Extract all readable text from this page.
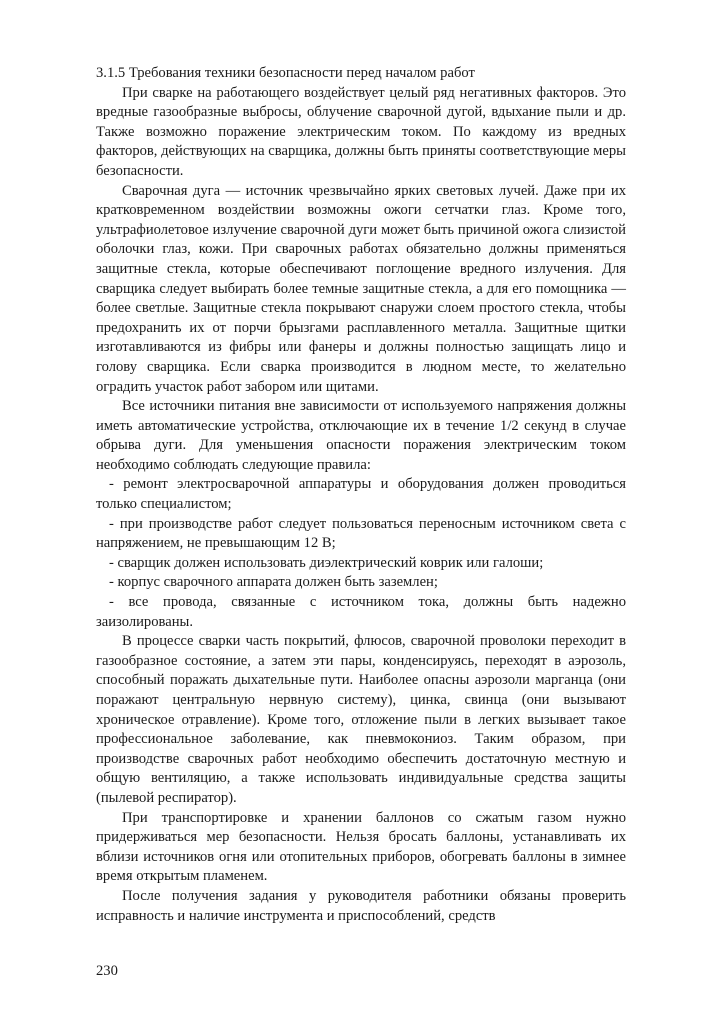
3.1.5 Требования техники безопасности перед началом работ

При сварке на работающего воздействует целый ряд негативных факторов. Это вредные газообразные выбросы, облучение сварочной дугой, вдыхание пыли и др. Также возможно поражение электрическим током. По каждому из вредных факторов, действующих на сварщика, должны быть приняты соответствующие меры безопасности.

Сварочная дуга — источник чрезвычайно ярких световых лучей. Даже при их кратковременном воздействии возможны ожоги сетчатки глаз. Кроме того, ультрафиолетовое излучение сварочной дуги может быть причиной ожога слизистой оболочки глаз, кожи. При сварочных работах обязательно должны применяться защитные стекла, которые обеспечивают поглощение вредного излучения. Для сварщика следует выбирать более темные защитные стекла, а для его помощника — более светлые. Защитные стекла покрывают снаружи слоем простого стекла, чтобы предохранить их от порчи брызгами расплавленного металла. Защитные щитки изготавливаются из фибры или фанеры и должны полностью защищать лицо и голову сварщика. Если сварка производится в людном месте, то желательно оградить участок работ забором или щитами.

Все источники питания вне зависимости от используемого напряжения должны иметь автоматические устройства, отключающие их в течение 1/2 секунд в случае обрыва дуги. Для уменьшения опасности поражения электрическим током необходимо соблюдать следующие правила:

- ремонт электросварочной аппаратуры и оборудования должен проводиться только специалистом;

- при производстве работ следует пользоваться переносным источником света с напряжением, не превышающим 12 В;

- сварщик должен использовать диэлектрический коврик или галоши;

- корпус сварочного аппарата должен быть заземлен;

- все провода, связанные с источником тока, должны быть надежно заизолированы.

В процессе сварки часть покрытий, флюсов, сварочной проволоки переходит в газообразное состояние, а затем эти пары, конденсируясь, переходят в аэрозоль, способный поражать дыхательные пути. Наиболее опасны аэрозоли марганца (они поражают центральную нервную систему), цинка, свинца (они вызывают хроническое отравление). Кроме того, отложение пыли в легких вызывает такое профессиональное заболевание, как пневмокониоз. Таким образом, при производстве сварочных работ необходимо обеспечить достаточную местную и общую вентиляцию, а также использовать индивидуальные средства защиты (пылевой респиратор).

При транспортировке и хранении баллонов со сжатым газом нужно придерживаться мер безопасности. Нельзя бросать баллоны, устанавливать их вблизи источников огня или отопительных приборов, обогревать баллоны в зимнее время открытым пламенем.

После получения задания у руководителя работники обязаны проверить исправность и наличие инструмента и приспособлений, средств

230
